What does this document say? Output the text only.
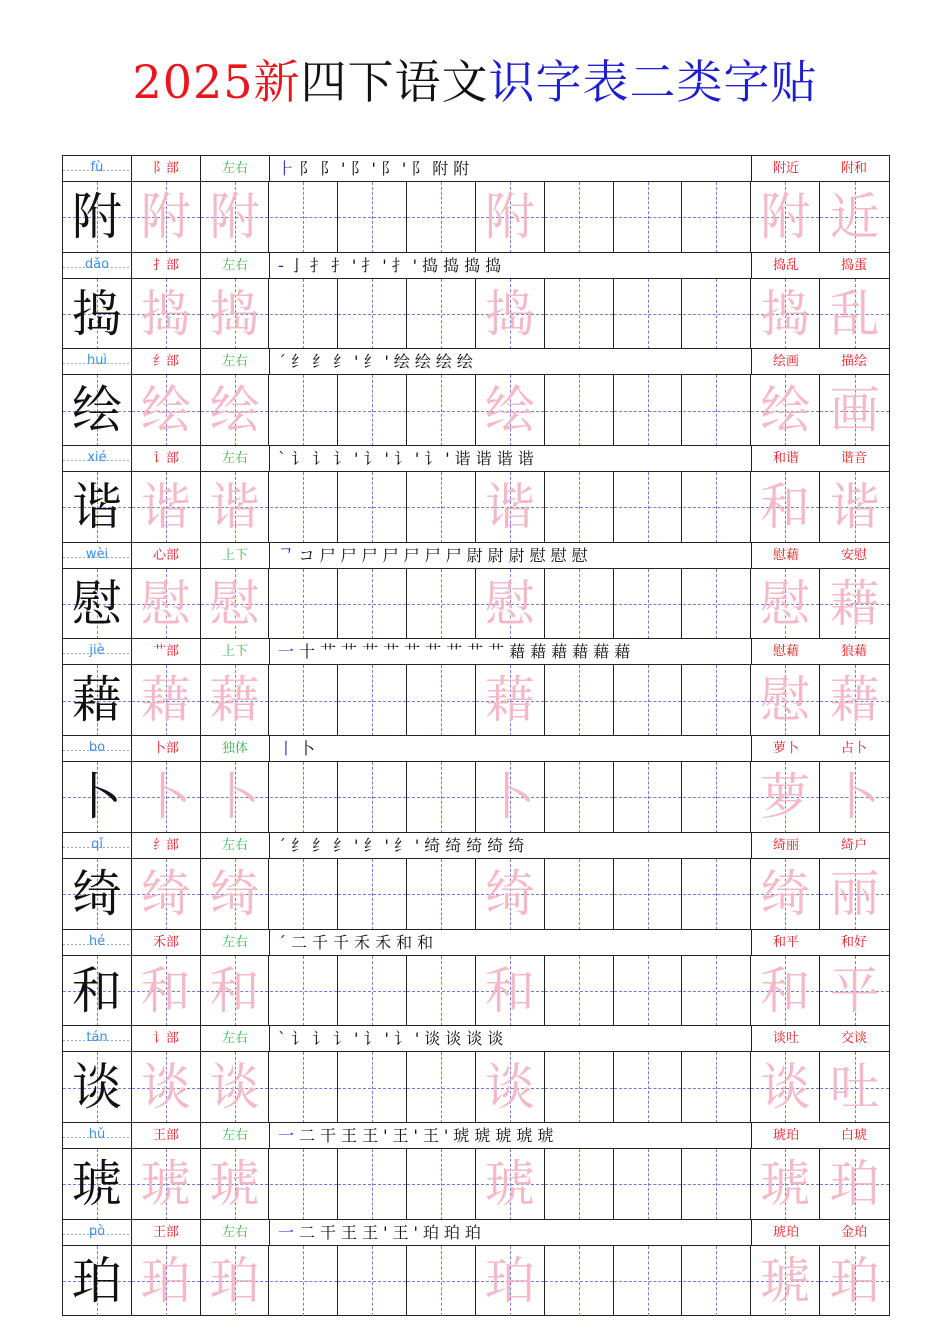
2025新四下语文识字表二类字贴
fù	阝部	左右	⺊阝阝'阝'阝'阝附附	附近	附和
附 附 附	附	附 近
dǎo	扌部	左右	-亅扌扌'扌'扌'捣捣捣捣	捣乱	捣蛋
捣 捣 捣	捣	捣 乱
huì	纟部	左右	ˊ纟纟纟'纟'绘绘绘绘	绘画	描绘
绘 绘 绘	绘	绘 画
xié	讠部	左右	`讠讠讠'讠'讠'讠'谐谐谐谐	和谐	谐音
谐 谐 谐	谐	和 谐
wèi	心部	上下	ᄀコ尸尸尸尸尸尸尸尉尉尉慰慰慰	慰藉	安慰
慰 慰 慰	慰	慰 藉
jiè	艹部	上下	一十艹艹艹艹艹艹艹艹艹藉藉藉藉藉藉	慰藉	狼藉
藉 藉 藉	藉	慰 藉
bo	卜部	独体	丨卜	萝卜	占卜
卜 卜 卜	卜	萝 卜
qǐ	纟部	左右	ˊ纟纟纟'纟'纟'绮绮绮绮绮	绮丽	绮户
绮 绮 绮	绮	绮 丽
hé	禾部	左右	ˊ二千千禾禾和和	和平	和好
和 和 和	和	和 平
tán	讠部	左右	`讠讠讠'讠'讠'谈谈谈谈	谈吐	交谈
谈 谈 谈	谈	谈 吐
hǔ	王部	左右	一二干王王'王'王'琥琥琥琥琥	琥珀	白琥
琥 琥 琥	琥	琥 珀
pò	王部	左右	一二干王王'王'珀珀珀	琥珀	金珀
珀 珀 珀	珀	琥 珀
